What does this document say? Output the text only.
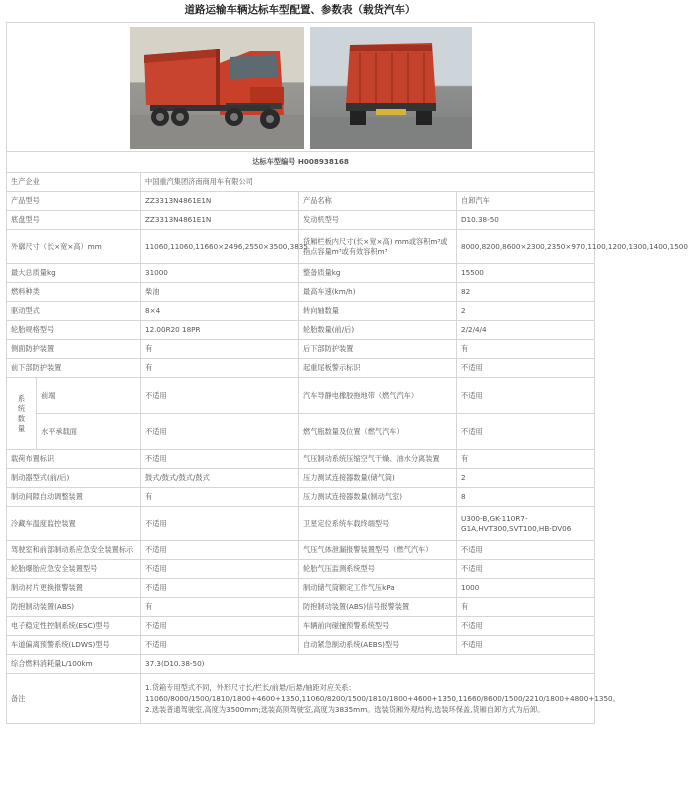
道路运输车辆达标车型配置、参数表（载货汽车）

达标车型编号 H008938168				
生产企业		中国重汽集团济南商用车有限公司		
产品型号		ZZ3313N4861E1N	产品名称	自卸汽车
底盘型号		ZZ3313N4861E1N	发动机型号	D10.38-50
外廓尺寸（长×宽×高）mm		11060,11060,11660×2496,2550×3500,3835	货厢栏板内尺寸(长×宽×高) mm或容积m³或指点容量m³或有效容积m³	8000,8200,8600×2300,2350×970,1100,1200,1300,1400,1500
最大总质量kg		31000	整备质量kg	15500
燃料种类		柴油	最高车速(km/h)	82
驱动型式		8×4	转向轴数量	2
轮胎规格型号		12.00R20 18PR	轮胎数量(前/后)	2/2/4/4
侧面防护装置		有	后下部防护装置	有
前下部防护装置		有	起重尾板警示标识	不适用

系统数量	前端	不适用	汽车导静电橡胶拖地带（燃气汽车）	不适用
	水平承载面	不适用	燃气瓶数量及位置（燃气汽车）	不适用
载荷布置标识		不适用	气压制动系统压缩空气干燥、油水分离装置	有
制动器型式(前/后)		鼓式/鼓式/鼓式/鼓式	压力测试连接器数量(储气筒)	2
制动间隙自动调整装置		有	压力测试连接器数量(制动气室)	8
冷藏车温度监控装置		不适用	卫星定位系统车载终端型号	U300-B,GK-110R7-G1A,HVT300,SVT100,HB-DV06
驾驶室和前部制动系应急安全装置标示		不适用	气压气体泄漏报警装置型号（燃气汽车）	不适用
轮胎爆胎应急安全装置型号		不适用	轮胎气压监测系统型号	不适用
制动衬片更换报警装置		不适用	制动储气筒额定工作气压kPa	1000
防抱制动装置(ABS)		有	防抱制动装置(ABS)信号报警装置	有
电子稳定性控制系统(ESC)型号		不适用	车辆前向碰撞预警系统型号	不适用
车道偏离预警系统(LDWS)型号		不适用	自动紧急制动系统(AEBS)型号	不适用
综合燃料消耗量L/100km		37.3(D10.38-50)		
备注		1.货箱专用型式不同，外形尺寸长/栏长/前悬/后悬/轴距对应关系：11060/8000/1500/1810/1800+4600+1350,11060/8200/1500/1810/1800+4600+1350,11660/8600/1500/2210/1800+4800+1350。2.选装普通驾驶室,高度为3500mm;选装高顶驾驶室,高度为3835mm。选装货厢外观结构,选装环保盖,货厢自卸方式为后卸。		
